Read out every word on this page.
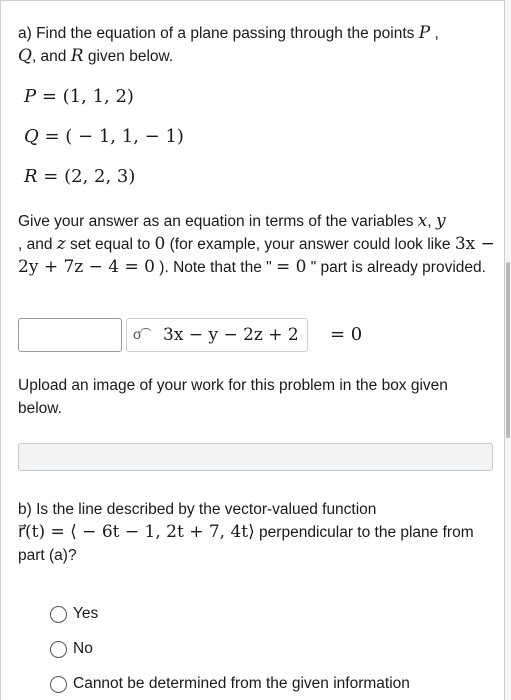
a) Find the equation of a plane passing through the points P ,
Q, and R given below.

P = (1, 1, 2)
Q = ( − 1, 1, − 1)
R = (2, 2, 3)

Give your answer as an equation in terms of the variables x, y
, and z set equal to 0 (for example, your answer could look like 3x − 2y + 7z − 4 = 0 ). Note that the " = 0 " part is already provided.

σ͡ 3x − y − 2z + 2 = 0

Upload an image of your work for this problem in the box given below.

b) Is the line described by the vector-valued function
r⃗(t) = ⟨ − 6t − 1, 2t + 7, 4t⟩ perpendicular to the plane from part (a)?

Yes
No
Cannot be determined from the given information
